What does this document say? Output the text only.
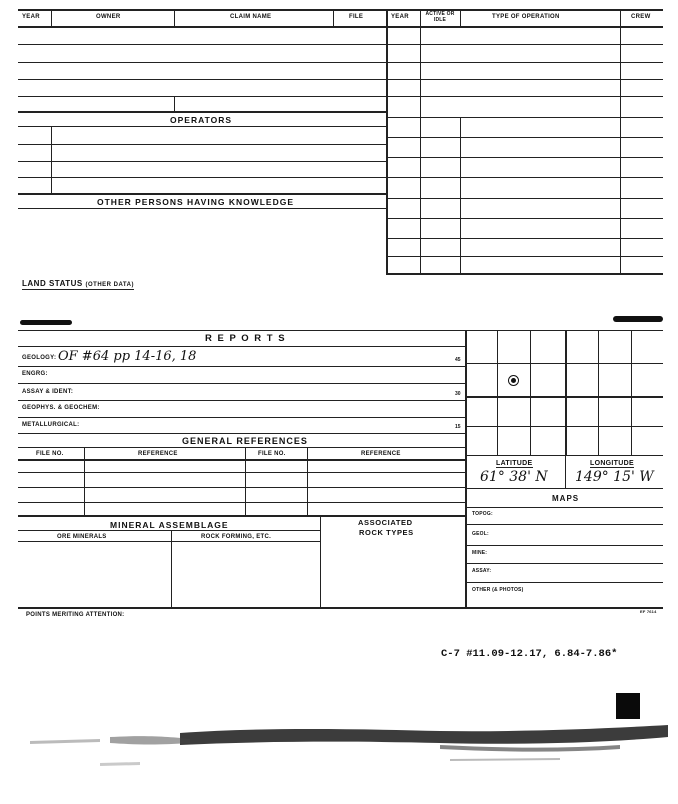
YEAR	OWNER	CLAIM NAME	FILE	YEAR	ACTIVE OR IDLE	TYPE OF OPERATION	CREW
OPERATORS
OTHER PERSONS HAVING KNOWLEDGE
LAND STATUS (OTHER DATA)
R E P O R T S
GEOLOGY: OF #64 pp 14-16, 18	45
ENGRG:
ASSAY & IDENT:	30
GEOPHYS. & GEOCHEM:
METALLURGICAL:	15
GENERAL REFERENCES
FILE NO.	REFERENCE	FILE NO.	REFERENCE
MINERAL ASSEMBLAGE
ORE MINERALS	ROCK FORMING, ETC.
ASSOCIATED
ROCK TYPES
LATITUDE	LONGITUDE
61° 38' N 149° 15' W
MAPS
TOPOG:
GEOL:
MINE:
ASSAY:
OTHER (& PHOTOS)
POINTS MERITING ATTENTION:
EF 7614
C-7 #11.09-12.17, 6.84-7.86*
